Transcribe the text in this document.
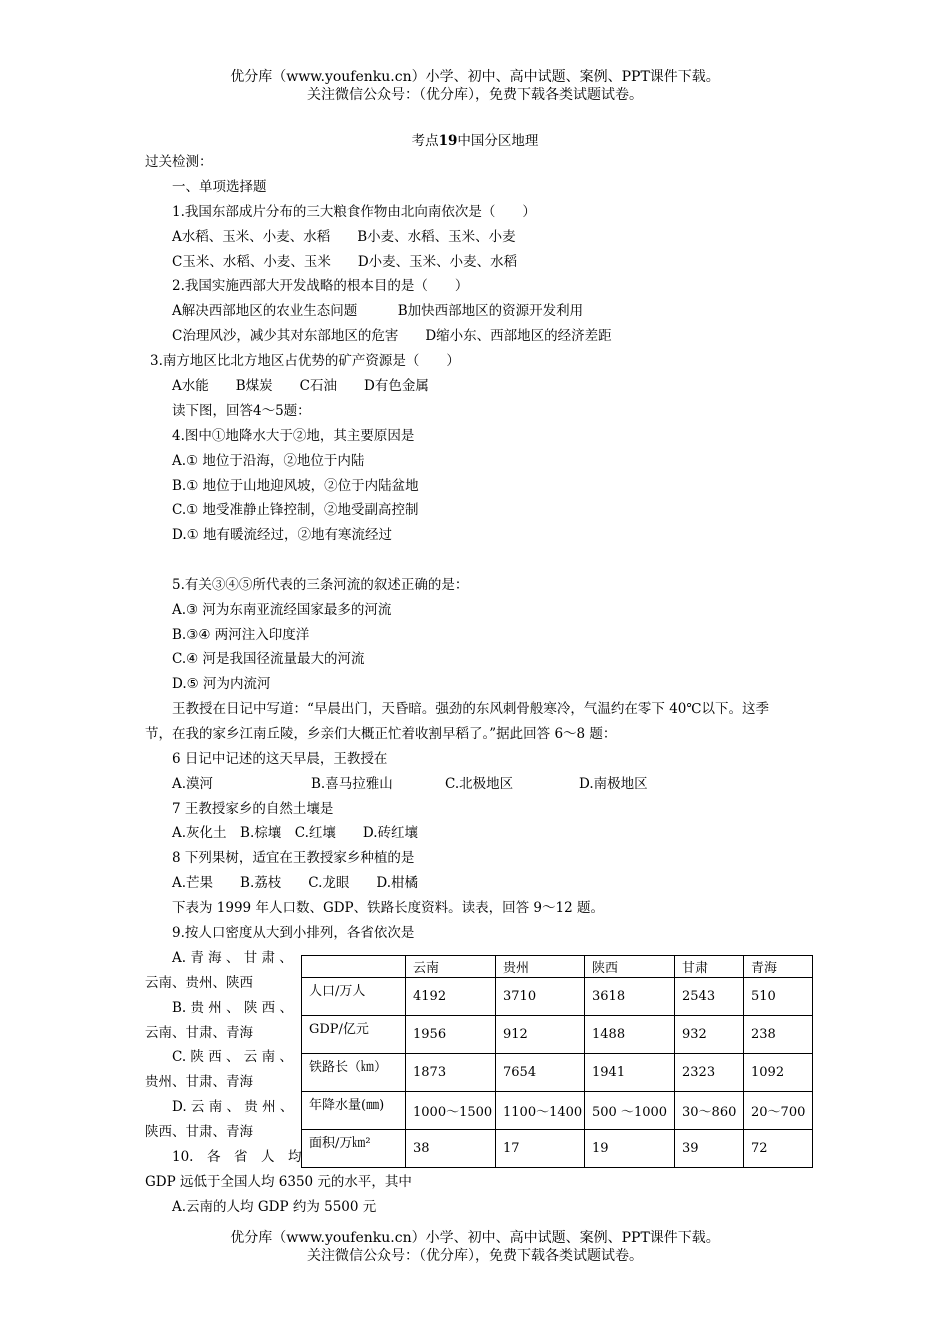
优分库（www.youfenku.cn）小学、初中、高中试题、案例、PPT课件下载。
关注微信公众号：（优分库），免费下载各类试题试卷。
考点19中国分区地理
过关检测：
一、单项选择题
1.我国东部成片分布的三大粮食作物由北向南依次是（　　）
A水稻、玉米、小麦、水稻　　B小麦、水稻、玉米、小麦
C玉米、水稻、小麦、玉米　　D小麦、玉米、小麦、水稻
2.我国实施西部大开发战略的根本目的是（　　）
A解决西部地区的农业生态问题　　　B加快西部地区的资源开发利用
C治理风沙，减少其对东部地区的危害　　D缩小东、西部地区的经济差距
3.南方地区比北方地区占优势的矿产资源是（　　）
A水能　　B煤炭　　C石油　　D有色金属
读下图，回答4～5题：
4.图中①地降水大于②地，其主要原因是
A.① 地位于沿海，②地位于内陆
B.① 地位于山地迎风坡，②位于内陆盆地
C.① 地受准静止锋控制，②地受副高控制
D.① 地有暖流经过，②地有寒流经过
5.有关③④⑤所代表的三条河流的叙述正确的是：
A.③ 河为东南亚流经国家最多的河流
B.③④ 两河注入印度洋
C.④ 河是我国径流量最大的河流
D.⑤ 河为内流河
王教授在日记中写道：“早晨出门，天昏暗。强劲的东风刺骨般寒冷，气温约在零下 40℃以下。这季
节，在我的家乡江南丘陵，乡亲们大概正忙着收割早稻了。”据此回答 6～8 题：
6 日记中记述的这天早晨，王教授在
A.漠河	B.喜马拉雅山	C.北极地区	D.南极地区
7 王教授家乡的自然土壤是
A.灰化土　B.棕壤　C.红壤　　D.砖红壤
8 下列果树，适宜在王教授家乡种植的是
A.芒果　　B.荔枝　　C.龙眼　　D.柑橘
下表为 1999 年人口数、GDP、铁路长度资料。读表，回答 9～12 题。
9.按人口密度从大到小排列，各省依次是
A. 青 海 、 甘 肃 、
云南、贵州、陕西
B. 贵 州 、 陕 西 、
云南、甘肃、青海
C. 陕 西 、 云 南 、
贵州、甘肃、青海
D. 云 南 、 贵 州 、
陕西、甘肃、青海
10.　各　省　人　均
GDP 远低于全国人均 6350 元的水平，其中
A.云南的人均 GDP 约为 5500 元
	云南	贵州	陕西	甘肃	青海
人口/万人	4192	3710	3618	2543	510
GDP/亿元	1956	912	1488	932	238
铁路长（㎞）	1873	7654	1941	2323	1092
年降水量(㎜)	1000～1500	1100～1400	500 ～1000	30～860	20～700
面积/万㎞²	38	17	19	39	72
优分库（www.youfenku.cn）小学、初中、高中试题、案例、PPT课件下载。
关注微信公众号：（优分库），免费下载各类试题试卷。
